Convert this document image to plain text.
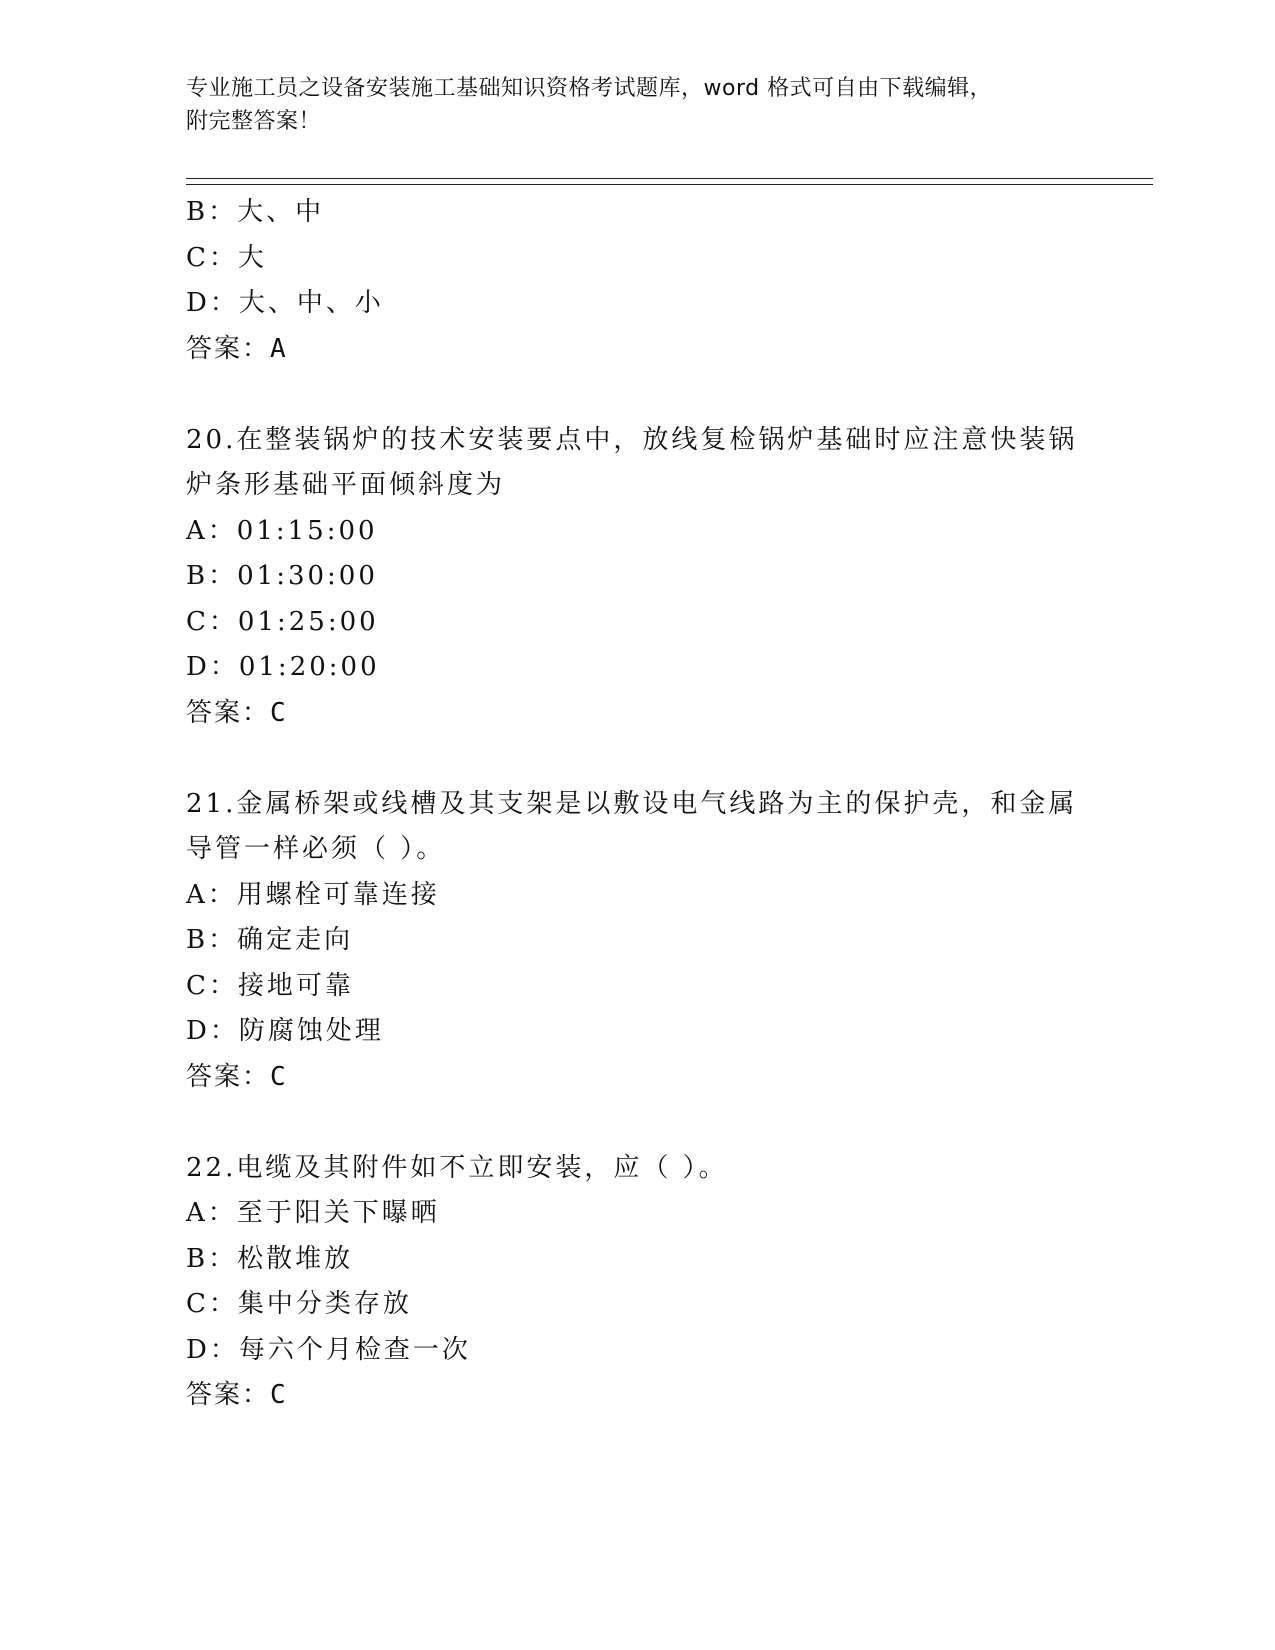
专业施工员之设备安装施工基础知识资格考试题库，word 格式可自由下载编辑，
附完整答案！
B：大、中
C：大
D：大、中、小
答案：A
20.在整装锅炉的技术安装要点中，放线复检锅炉基础时应注意快装锅
炉条形基础平面倾斜度为
A：01:15:00
B：01:30:00
C：01:25:00
D：01:20:00
答案：C
21.金属桥架或线槽及其支架是以敷设电气线路为主的保护壳，和金属
导管一样必须（ ）。
A：用螺栓可靠连接
B：确定走向
C：接地可靠
D：防腐蚀处理
答案：C
22.电缆及其附件如不立即安装，应（ ）。
A：至于阳关下曝晒
B：松散堆放
C：集中分类存放
D：每六个月检查一次
答案：C
